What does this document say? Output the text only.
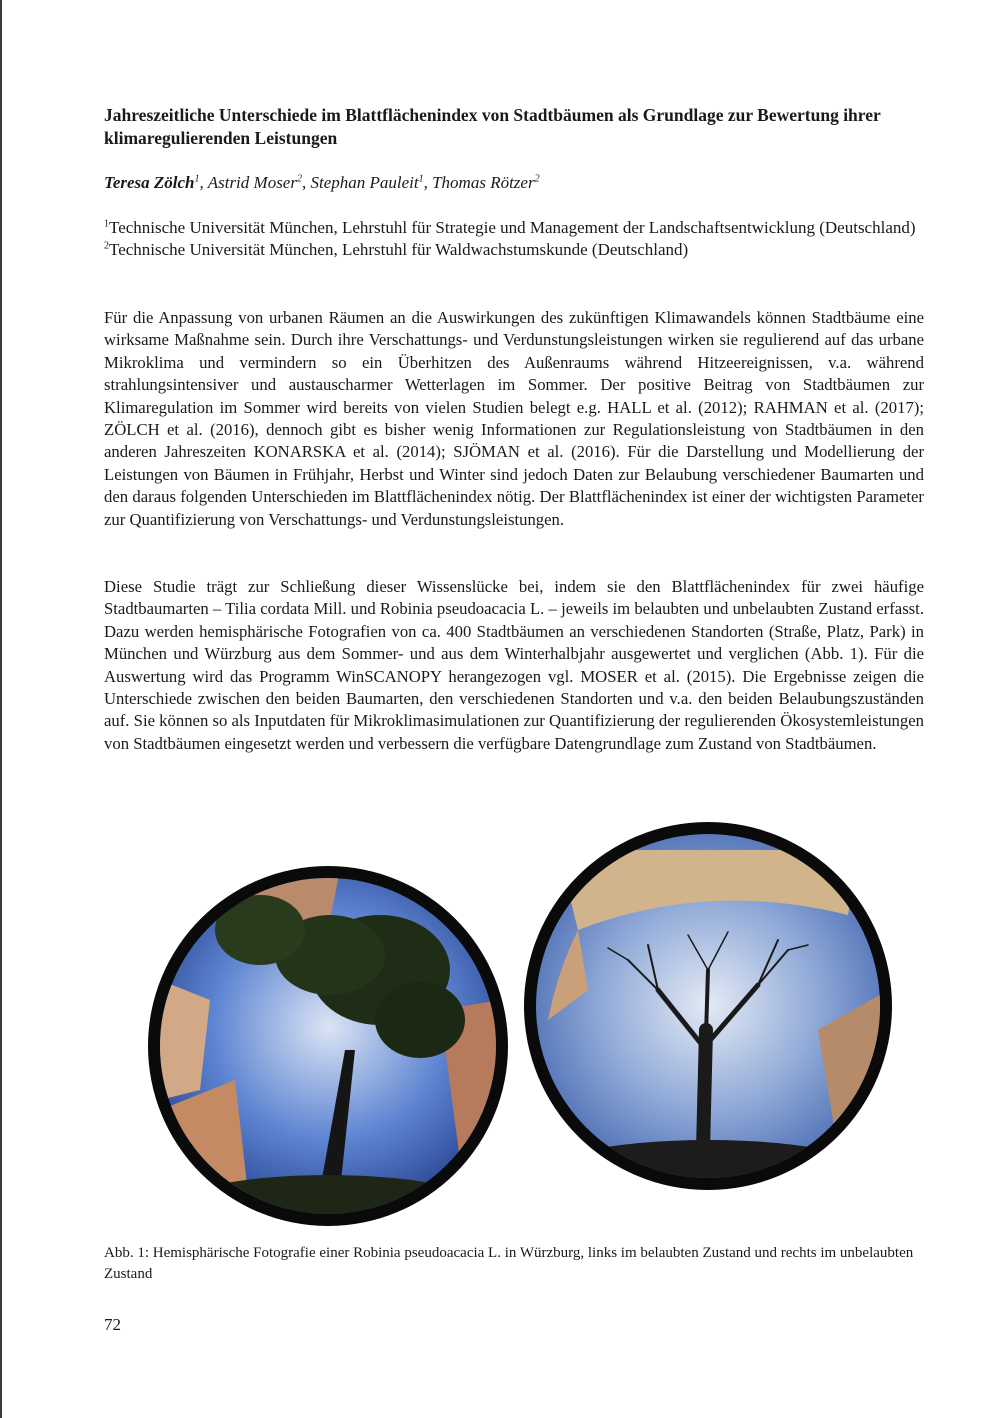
Jahreszeitliche Unterschiede im Blattflächenindex von Stadtbäumen als Grundlage zur Bewertung ihrer klimaregulierenden Leistungen
Teresa Zölch$^1$, Astrid Moser$^2$, Stephan Pauleit$^1$, Thomas Rötzer$^2$
$^1$Technische Universität München, Lehrstuhl für Strategie und Management der Landschaftsentwicklung (Deutschland)
$^2$Technische Universität München, Lehrstuhl für Waldwachstumskunde (Deutschland)
Für die Anpassung von urbanen Räumen an die Auswirkungen des zukünftigen Klimawandels können Stadtbäume eine wirksame Maßnahme sein. Durch ihre Verschattungs- und Verdunstungsleistungen wirken sie regulierend auf das urbane Mikroklima und vermindern so ein Überhitzen des Außenraums während Hitzeereignissen, v.a. während strahlungsintensiver und austauscharmer Wetterlagen im Sommer. Der positive Beitrag von Stadtbäumen zur Klimaregulation im Sommer wird bereits von vielen Studien belegt e.g. HALL et al. (2012); RAHMAN et al. (2017); ZÖLCH et al. (2016), dennoch gibt es bisher wenig Informationen zur Regulationsleistung von Stadtbäumen in den anderen Jahreszeiten KONARSKA et al. (2014); SJÖMAN et al. (2016). Für die Darstellung und Modellierung der Leistungen von Bäumen in Frühjahr, Herbst und Winter sind jedoch Daten zur Belaubung verschiedener Baumarten und den daraus folgenden Unterschieden im Blattflächenindex nötig. Der Blattflächenindex ist einer der wichtigsten Parameter zur Quantifizierung von Verschattungs- und Verdunstungsleistungen.
Diese Studie trägt zur Schließung dieser Wissenslücke bei, indem sie den Blattflächenindex für zwei häufige Stadtbaumarten – Tilia cordata Mill. und Robinia pseudoacacia L. – jeweils im belaubten und unbelaubten Zustand erfasst. Dazu werden hemisphärische Fotografien von ca. 400 Stadtbäumen an verschiedenen Standorten (Straße, Platz, Park) in München und Würzburg aus dem Sommer- und aus dem Winterhalbjahr ausgewertet und verglichen (Abb. 1). Für die Auswertung wird das Programm WinSCANOPY herangezogen vgl. MOSER et al. (2015). Die Ergebnisse zeigen die Unterschiede zwischen den beiden Baumarten, den verschiedenen Standorten und v.a. den beiden Belaubungszuständen auf. Sie können so als Inputdaten für Mikroklimasimulationen zur Quantifizierung der regulierenden Ökosystemleistungen von Stadtbäumen eingesetzt werden und verbessern die verfügbare Datengrundlage zum Zustand von Stadtbäumen.
Abb. 1: Hemisphärische Fotografie einer Robinia pseudoacacia L. in Würzburg, links im belaubten Zustand und rechts im unbelaubten Zustand
72
